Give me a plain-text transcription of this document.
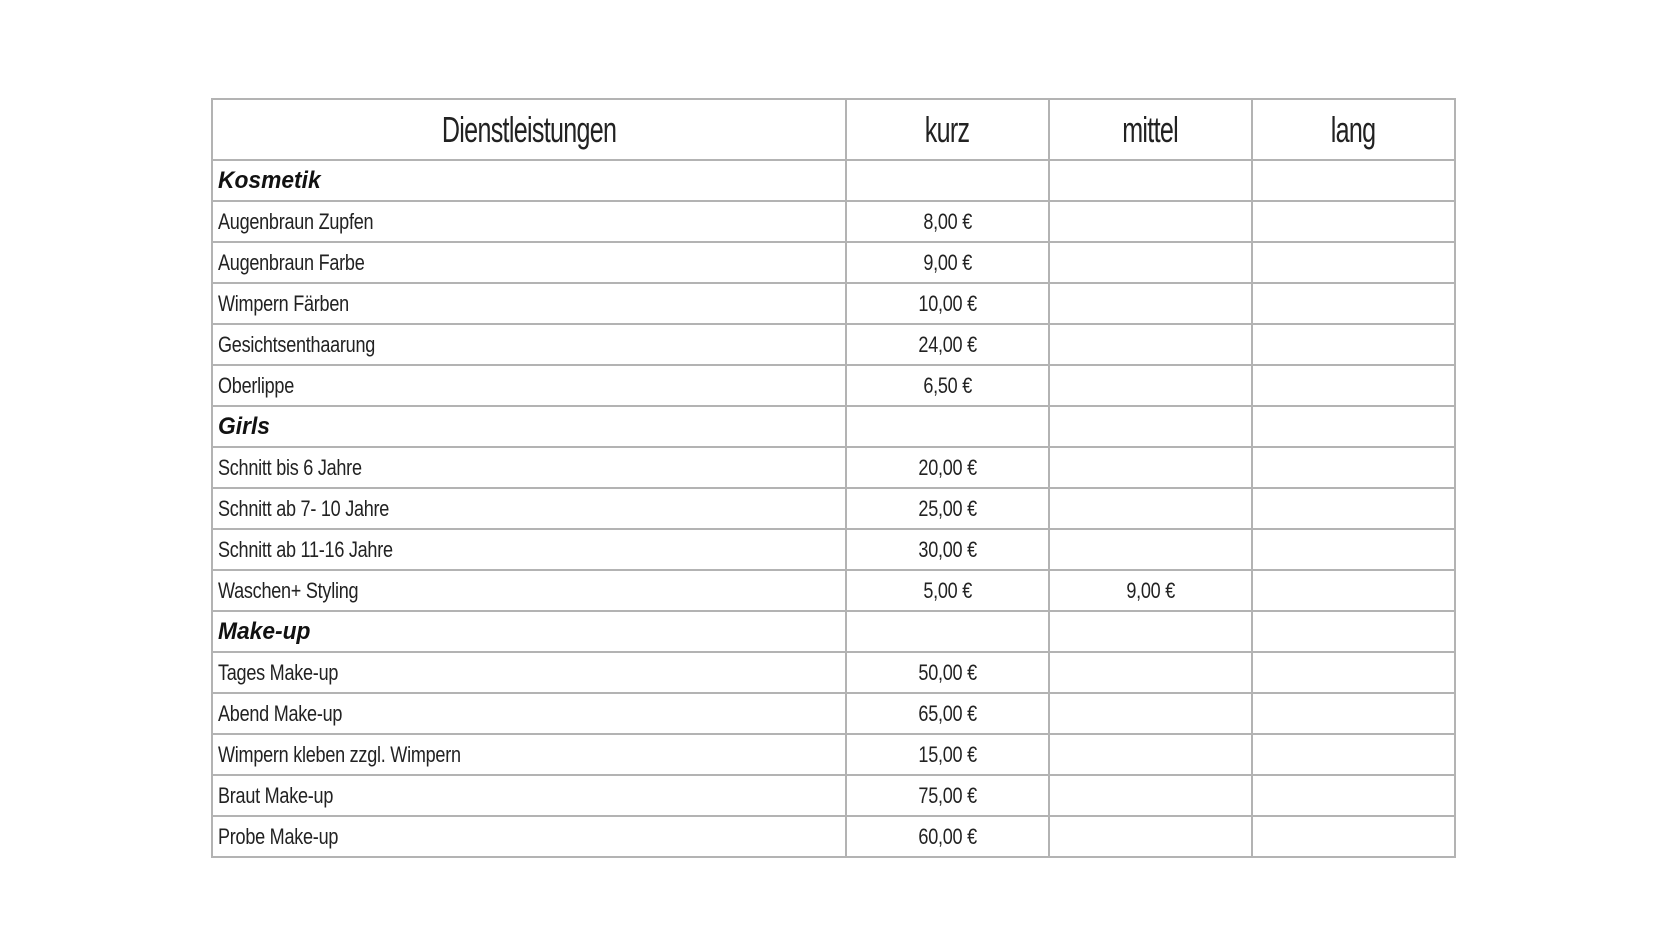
Dienstleistungen	kurz	mittel	lang
Kosmetik			
Augenbraun Zupfen	8,00 €		
Augenbraun Farbe	9,00 €		
Wimpern Färben	10,00 €		
Gesichtsenthaarung	24,00 €		
Oberlippe	6,50 €		
Girls			
Schnitt bis 6 Jahre	20,00 €		
Schnitt ab 7- 10 Jahre	25,00 €		
Schnitt ab 11-16 Jahre	30,00 €		
Waschen+ Styling	5,00 €	9,00 €	
Make-up			
Tages Make-up	50,00 €		
Abend Make-up	65,00 €		
Wimpern kleben zzgl. Wimpern	15,00 €		
Braut Make-up	75,00 €		
Probe Make-up	60,00 €		
